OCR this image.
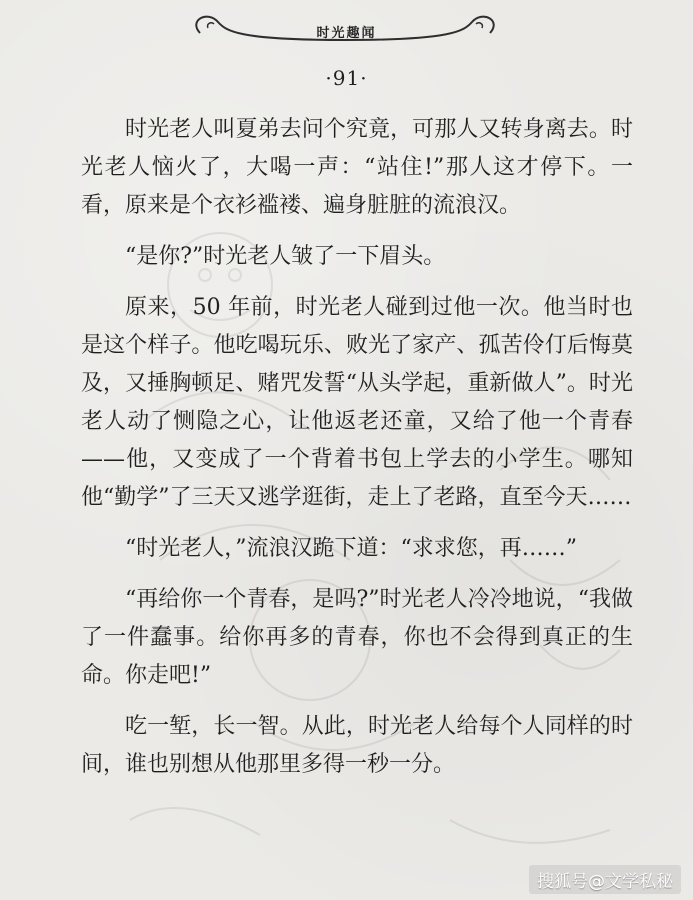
时光趣闻
·91·

时光老人叫夏弟去问个究竟，可那人又转身离去。时光老人恼火了，大喝一声：“站住!”那人这才停下。一看，原来是个衣衫褴褛、遍身脏脏的流浪汉。

“是你?”时光老人皱了一下眉头。

原来，50 年前，时光老人碰到过他一次。他当时也是这个样子。他吃喝玩乐、败光了家产、孤苦伶仃后悔莫及，又捶胸顿足、赌咒发誓“从头学起，重新做人”。时光老人动了恻隐之心，让他返老还童，又给了他一个青春——他，又变成了一个背着书包上学去的小学生。哪知他“勤学”了三天又逃学逛街，走上了老路，直至今天……

“时光老人，”流浪汉跪下道：“求求您，再……”

“再给你一个青春，是吗?”时光老人冷冷地说，“我做了一件蠢事。给你再多的青春，你也不会得到真正的生命。你走吧!”

吃一堑，长一智。从此，时光老人给每个人同样的时间，谁也别想从他那里多得一秒一分。

搜狐号@文学私秘
